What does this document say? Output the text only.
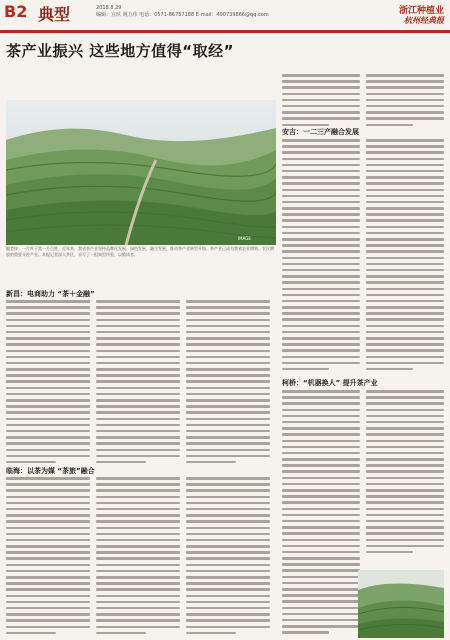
B2 典型	2018.8.29
编辑：宣炫 姚力伟 电话：0571-86757188 E-mail：490739866@qq.com	浙江种植业
杭州经典报
茶产业振兴 这些地方值得“取经”
IMAGE
编者按：一片叶子富一方百姓。近年来，我省茶产业坚持品牌化发展，绿色发展，融合发展，推动茶产业转型升级，茶产业已成为我省农业增效、农民增收的重要支柱产业。本报记者深入茶区，采写了一组典型经验，以飨读者。
新昌：电商助力 “茶＋金融”
临海：以茶为媒 “茶旅”融合
安吉：一二三产融合发展
柯桥：“机器换人” 提升茶产业
